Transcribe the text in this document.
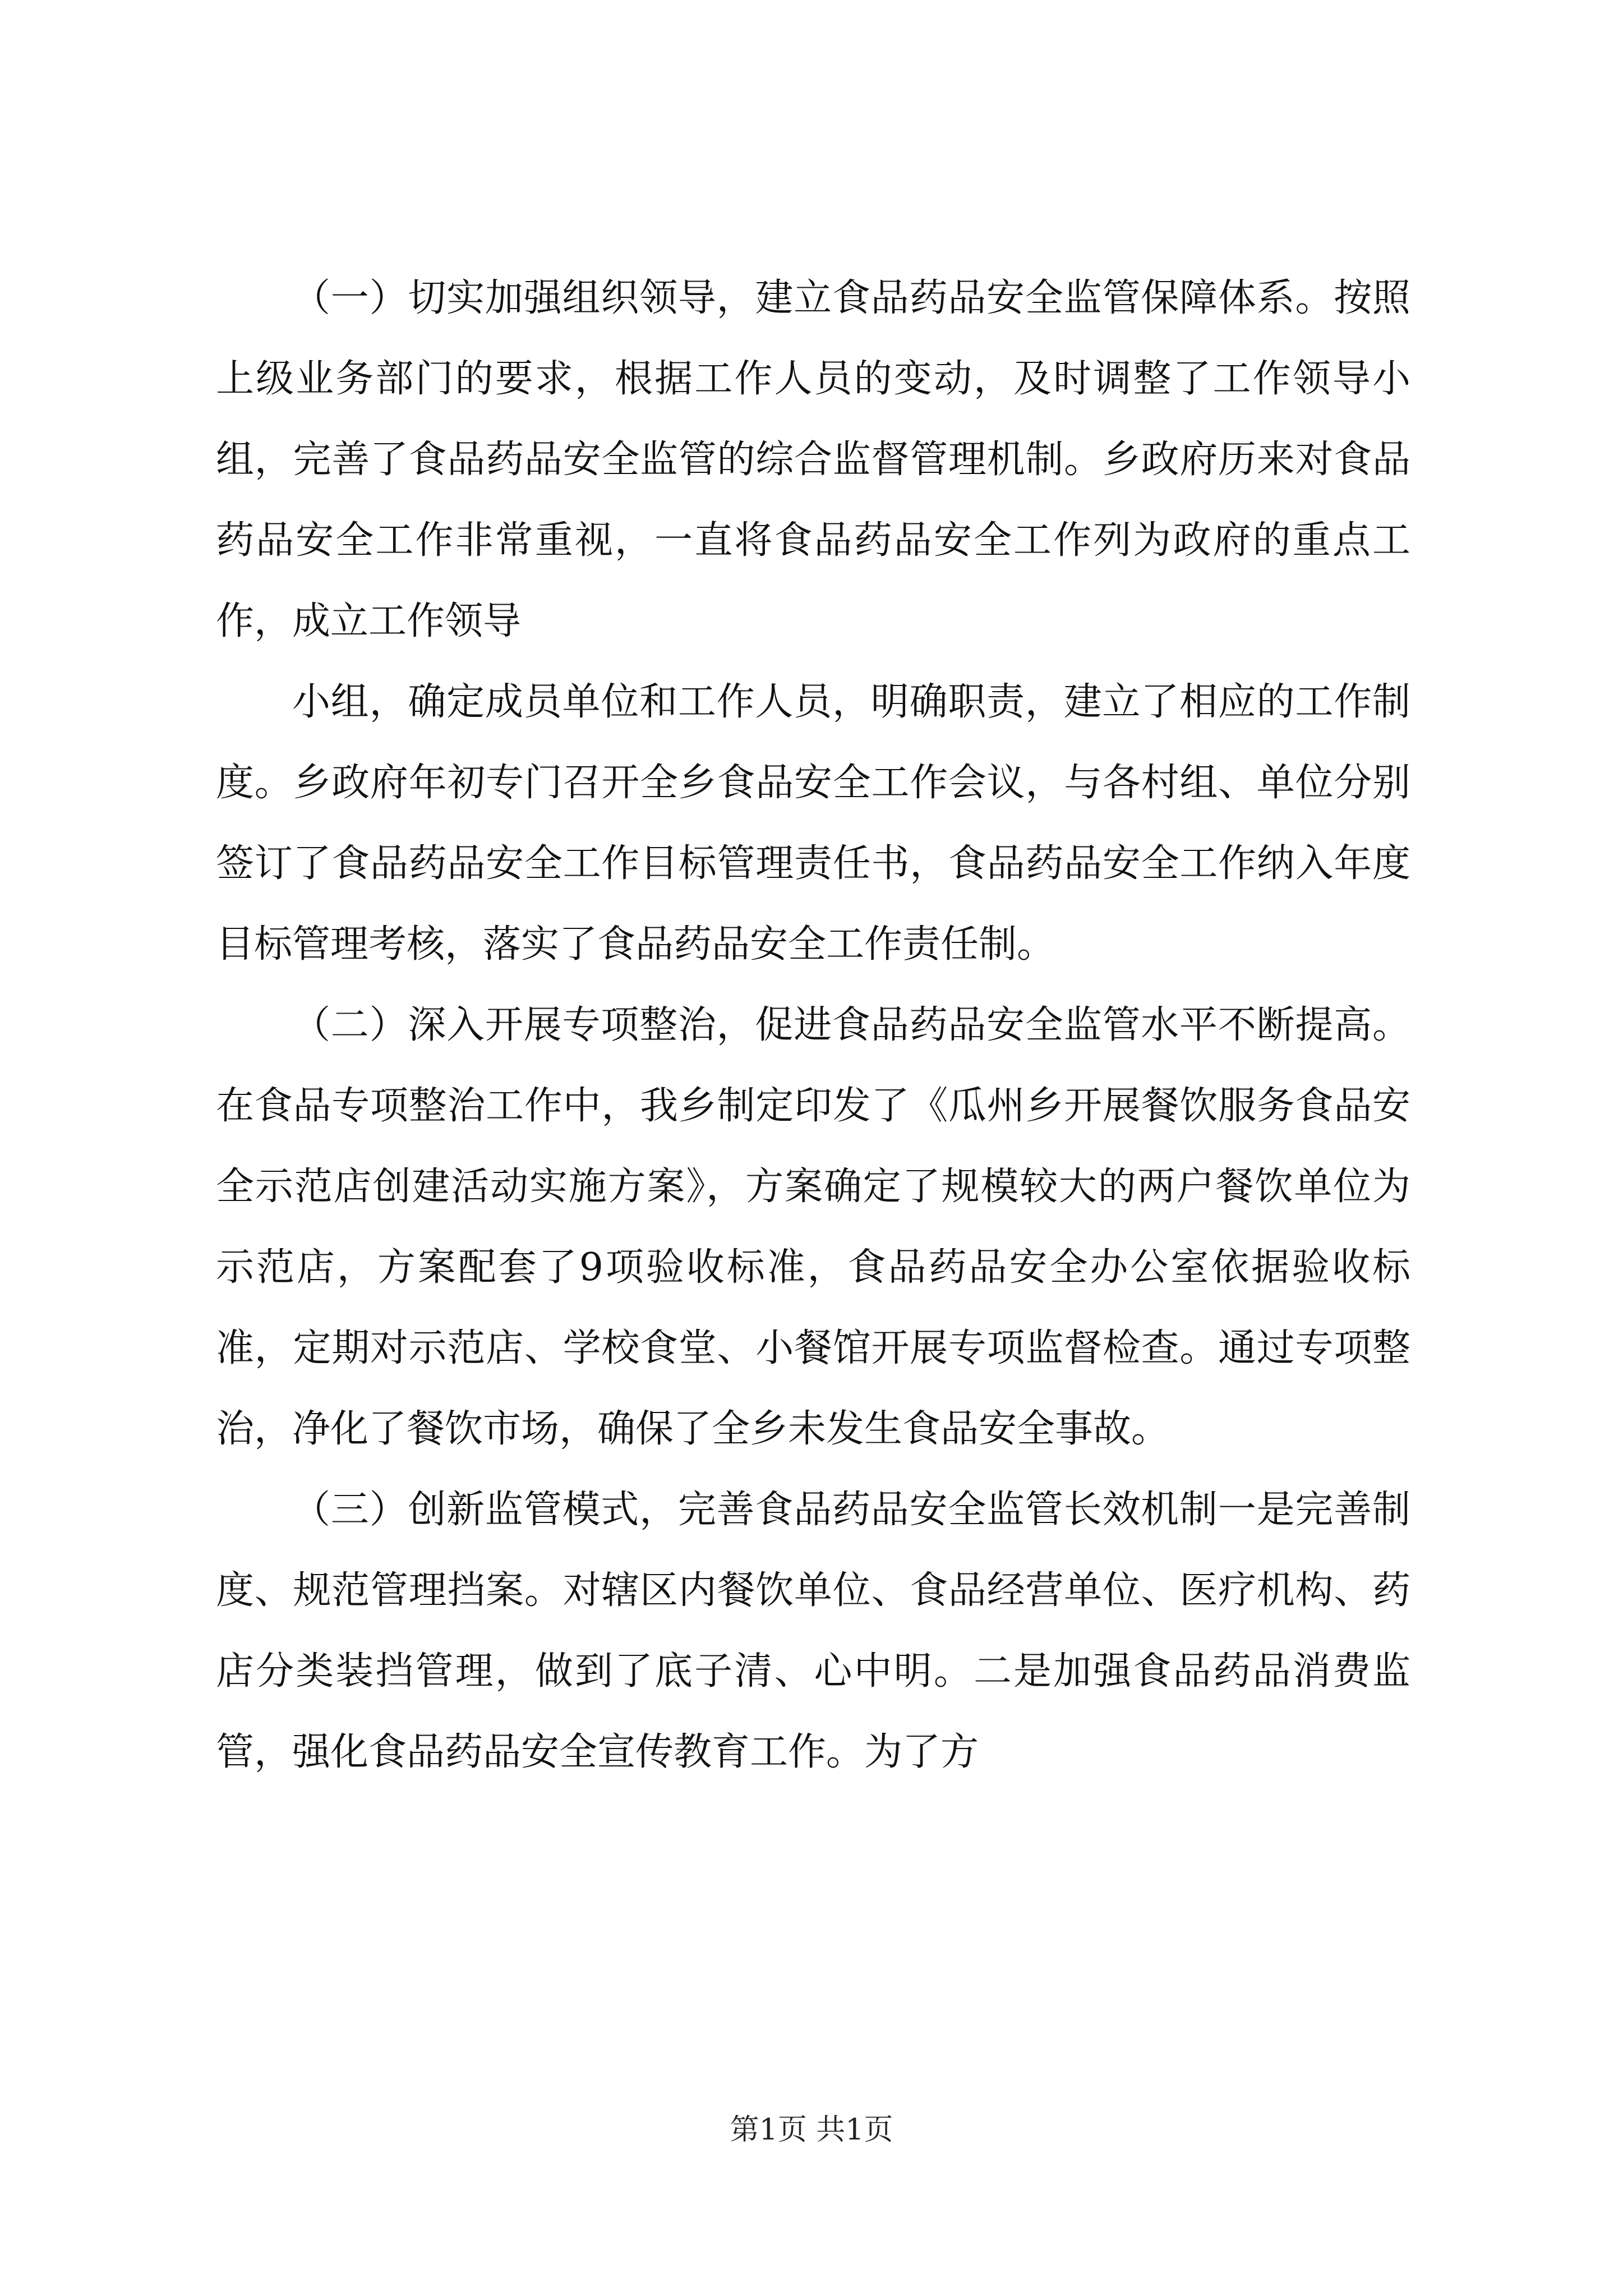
（一）切实加强组织领导，建立食品药品安全监管保障体系。按照上级业务部门的要求，根据工作人员的变动，及时调整了工作领导小组，完善了食品药品安全监管的综合监督管理机制。乡政府历来对食品药品安全工作非常重视，一直将食品药品安全工作列为政府的重点工作，成立工作领导

小组，确定成员单位和工作人员，明确职责，建立了相应的工作制度。乡政府年初专门召开全乡食品安全工作会议，与各村组、单位分别签订了食品药品安全工作目标管理责任书，食品药品安全工作纳入年度目标管理考核，落实了食品药品安全工作责任制。

（二）深入开展专项整治，促进食品药品安全监管水平不断提高。在食品专项整治工作中，我乡制定印发了《瓜州乡开展餐饮服务食品安全示范店创建活动实施方案》，方案确定了规模较大的两户餐饮单位为示范店，方案配套了9项验收标准，食品药品安全办公室依据验收标准，定期对示范店、学校食堂、小餐馆开展专项监督检查。通过专项整治，净化了餐饮市场，确保了全乡未发生食品安全事故。

（三）创新监管模式，完善食品药品安全监管长效机制一是完善制度、规范管理挡案。对辖区内餐饮单位、食品经营单位、医疗机构、药店分类装挡管理，做到了底子清、心中明。二是加强食品药品消费监管，强化食品药品安全宣传教育工作。为了方

第1页 共1页
